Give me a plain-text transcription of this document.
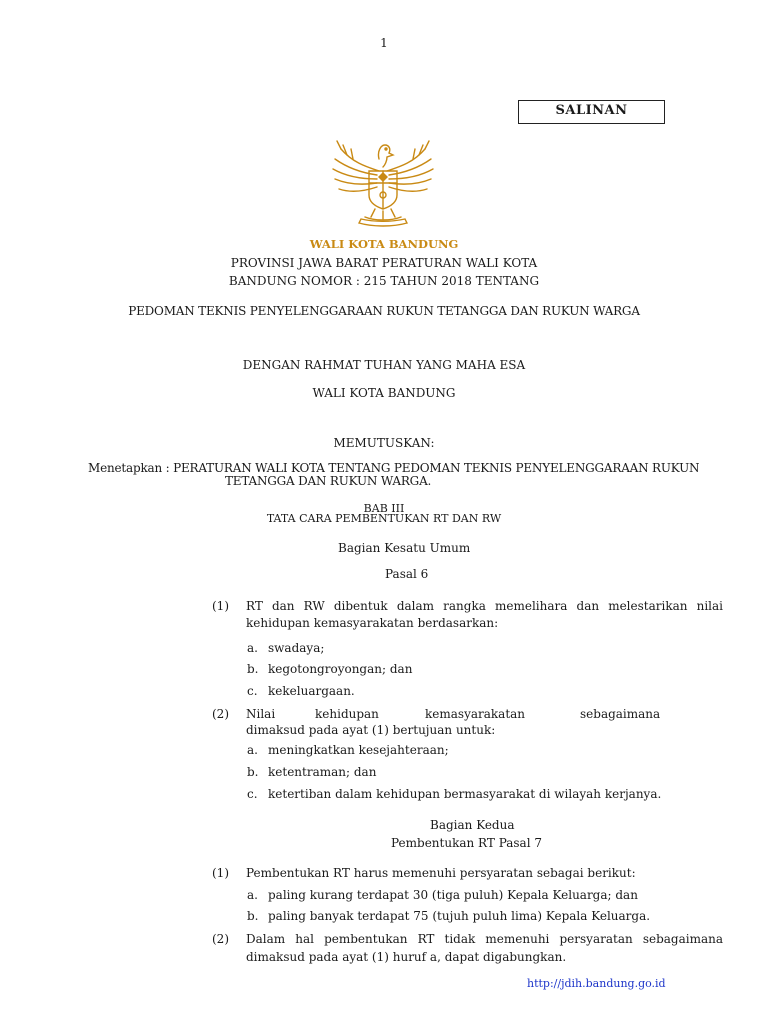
1
SALINAN
WALI KOTA BANDUNG
PROVINSI JAWA BARAT PERATURAN WALI KOTA
BANDUNG NOMOR : 215 TAHUN 2018 TENTANG
PEDOMAN TEKNIS PENYELENGGARAAN RUKUN TETANGGA DAN RUKUN WARGA
DENGAN RAHMAT TUHAN YANG MAHA ESA
WALI KOTA BANDUNG
MEMUTUSKAN:
Menetapkan : PERATURAN WALI KOTA TENTANG PEDOMAN TEKNIS PENYELENGGARAAN RUKUN
TETANGGA DAN RUKUN WARGA.
BAB III
TATA CARA PEMBENTUKAN RT DAN RW
Bagian Kesatu Umum
Pasal 6
(1) RT dan RW dibentuk dalam rangka memelihara dan melestarikan nilai
kehidupan kemasyarakatan berdasarkan:
a. swadaya;
b. kegotongroyongan; dan
c. kekeluargaan.
(2) Nilai	kehidupan	kemasyarakatan	sebagaimana
dimaksud pada ayat (1) bertujuan untuk:
a. meningkatkan kesejahteraan;
b. ketentraman; dan
c. ketertiban dalam kehidupan bermasyarakat di wilayah kerjanya.
Bagian Kedua
Pembentukan RT Pasal 7
(1) Pembentukan RT harus memenuhi persyaratan sebagai berikut:
a. paling kurang terdapat 30 (tiga puluh) Kepala Keluarga; dan
b. paling banyak terdapat 75 (tujuh puluh lima) Kepala Keluarga.
(2) Dalam hal pembentukan RT tidak memenuhi persyaratan sebagaimana
dimaksud pada ayat (1) huruf a, dapat digabungkan.
http://jdih.bandung.go.id
